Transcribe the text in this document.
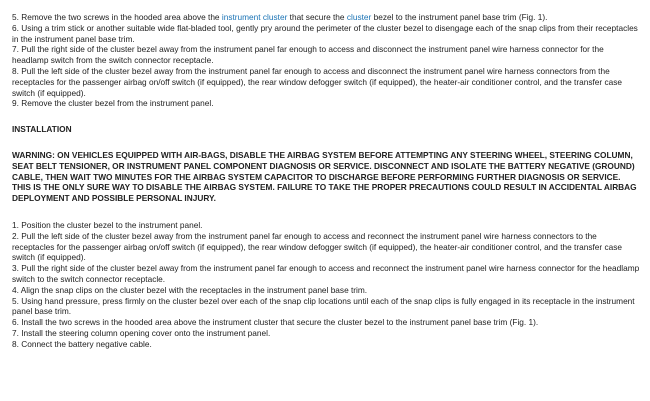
5. Remove the two screws in the hooded area above the instrument cluster that secure the cluster bezel to the instrument panel base trim (Fig. 1).

6. Using a trim stick or another suitable wide flat-bladed tool, gently pry around the perimeter of the cluster bezel to disengage each of the snap clips from their receptacles in the instrument panel base trim.

7. Pull the right side of the cluster bezel away from the instrument panel far enough to access and disconnect the instrument panel wire harness connector for the headlamp switch from the switch connector receptacle.

8. Pull the left side of the cluster bezel away from the instrument panel far enough to access and disconnect the instrument panel wire harness connectors from the receptacles for the passenger airbag on/off switch (if equipped), the rear window defogger switch (if equipped), the heater-air conditioner control, and the transfer case switch (if equipped).

9. Remove the cluster bezel from the instrument panel.

INSTALLATION
WARNING: ON VEHICLES EQUIPPED WITH AIR-BAGS, DISABLE THE AIRBAG SYSTEM BEFORE ATTEMPTING ANY STEERING WHEEL, STEERING COLUMN, SEAT BELT TENSIONER, OR INSTRUMENT PANEL COMPONENT DIAGNOSIS OR SERVICE. DISCONNECT AND ISOLATE THE BATTERY NEGATIVE (GROUND) CABLE, THEN WAIT TWO MINUTES FOR THE AIRBAG SYSTEM CAPACITOR TO DISCHARGE BEFORE PERFORMING FURTHER DIAGNOSIS OR SERVICE. THIS IS THE ONLY SURE WAY TO DISABLE THE AIRBAG SYSTEM. FAILURE TO TAKE THE PROPER PRECAUTIONS COULD RESULT IN ACCIDENTAL AIRBAG DEPLOYMENT AND POSSIBLE PERSONAL INJURY.

1. Position the cluster bezel to the instrument panel.

2. Pull the left side of the cluster bezel away from the instrument panel far enough to access and reconnect the instrument panel wire harness connectors to the receptacles for the passenger airbag on/off switch (if equipped), the rear window defogger switch (if equipped), the heater-air conditioner control, and the transfer case switch (if equipped).

3. Pull the right side of the cluster bezel away from the instrument panel far enough to access and reconnect the instrument panel wire harness connector for the headlamp switch to the switch connector receptacle.

4. Align the snap clips on the cluster bezel with the receptacles in the instrument panel base trim.

5. Using hand pressure, press firmly on the cluster bezel over each of the snap clip locations until each of the snap clips is fully engaged in its receptacle in the instrument panel base trim.

6. Install the two screws in the hooded area above the instrument cluster that secure the cluster bezel to the instrument panel base trim (Fig. 1).

7. Install the steering column opening cover onto the instrument panel.

8. Connect the battery negative cable.
